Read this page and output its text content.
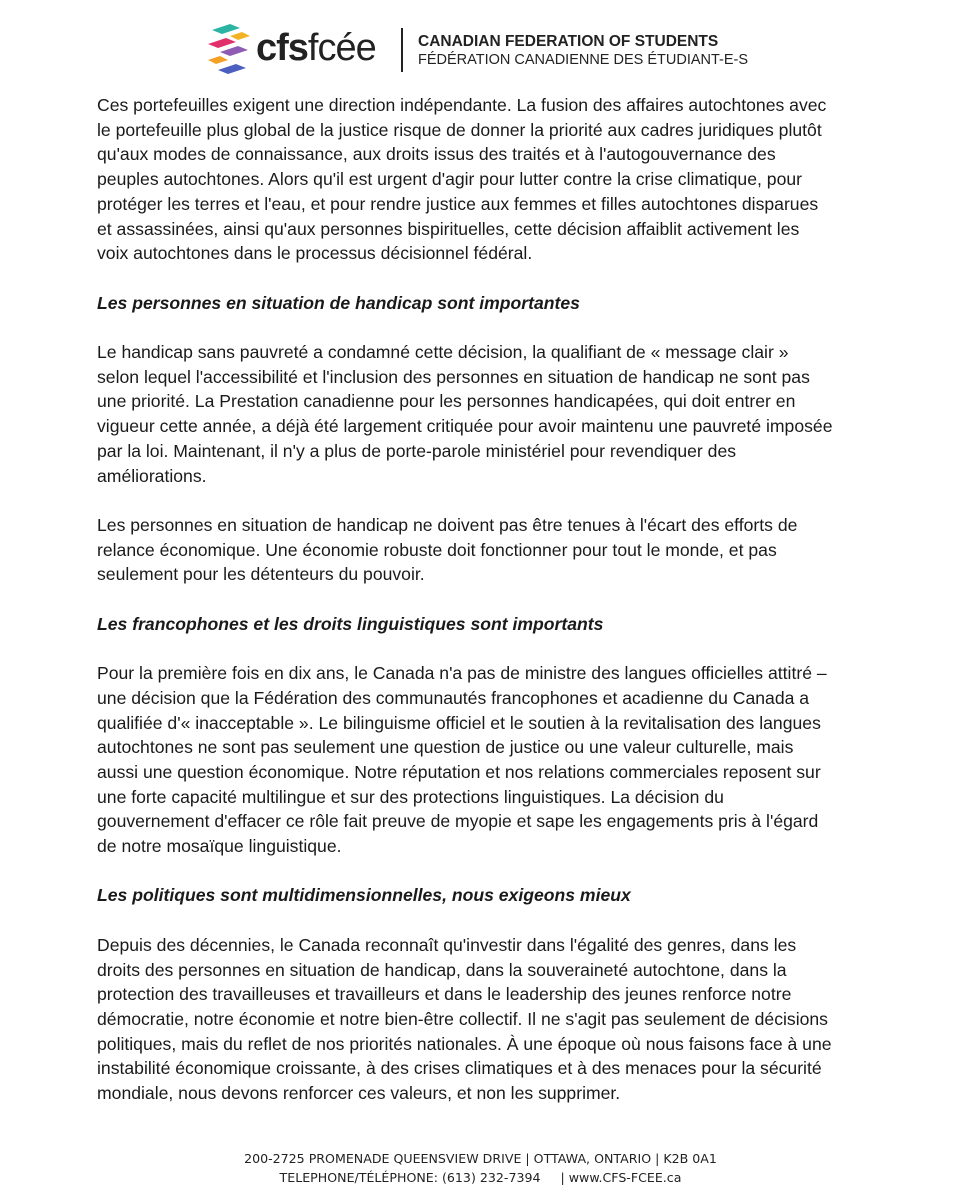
cfsfcée	CANADIAN FEDERATION OF STUDENTS
FÉDÉRATION CANADIENNE DES ÉTUDIANT-E-S
Ces portefeuilles exigent une direction indépendante. La fusion des affaires autochtones avec
le portefeuille plus global de la justice risque de donner la priorité aux cadres juridiques plutôt
qu'aux modes de connaissance, aux droits issus des traités et à l'autogouvernance des
peuples autochtones. Alors qu'il est urgent d'agir pour lutter contre la crise climatique, pour
protéger les terres et l'eau, et pour rendre justice aux femmes et filles autochtones disparues
et assassinées, ainsi qu'aux personnes bispirituelles, cette décision affaiblit activement les
voix autochtones dans le processus décisionnel fédéral.
Les personnes en situation de handicap sont importantes
Le handicap sans pauvreté a condamné cette décision, la qualifiant de « message clair »
selon lequel l'accessibilité et l'inclusion des personnes en situation de handicap ne sont pas
une priorité. La Prestation canadienne pour les personnes handicapées, qui doit entrer en
vigueur cette année, a déjà été largement critiquée pour avoir maintenu une pauvreté imposée
par la loi. Maintenant, il n'y a plus de porte-parole ministériel pour revendiquer des
améliorations.
Les personnes en situation de handicap ne doivent pas être tenues à l'écart des efforts de
relance économique. Une économie robuste doit fonctionner pour tout le monde, et pas
seulement pour les détenteurs du pouvoir.
Les francophones et les droits linguistiques sont importants
Pour la première fois en dix ans, le Canada n'a pas de ministre des langues officielles attitré –
une décision que la Fédération des communautés francophones et acadienne du Canada a
qualifiée d'« inacceptable ». Le bilinguisme officiel et le soutien à la revitalisation des langues
autochtones ne sont pas seulement une question de justice ou une valeur culturelle, mais
aussi une question économique. Notre réputation et nos relations commerciales reposent sur
une forte capacité multilingue et sur des protections linguistiques. La décision du
gouvernement d'effacer ce rôle fait preuve de myopie et sape les engagements pris à l'égard
de notre mosaïque linguistique.
Les politiques sont multidimensionnelles, nous exigeons mieux
Depuis des décennies, le Canada reconnaît qu'investir dans l'égalité des genres, dans les
droits des personnes en situation de handicap, dans la souveraineté autochtone, dans la
protection des travailleuses et travailleurs et dans le leadership des jeunes renforce notre
démocratie, notre économie et notre bien-être collectif. Il ne s'agit pas seulement de décisions
politiques, mais du reflet de nos priorités nationales. À une époque où nous faisons face à une
instabilité économique croissante, à des crises climatiques et à des menaces pour la sécurité
mondiale, nous devons renforcer ces valeurs, et non les supprimer.
200-2725 PROMENADE QUEENSVIEW DRIVE | OTTAWA, ONTARIO | K2B 0A1
TELEPHONE/TÉLÉPHONE: (613) 232-7394     | www.CFS-FCEE.ca
